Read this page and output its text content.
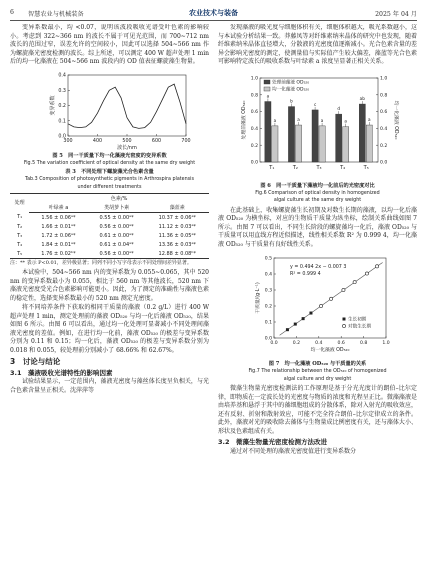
6 智慧农业与机械装备	农业技术与装备	2025 年 04 月

变异系数最小，均 <0.07，说明该波段吸收光谱受叶色素的影响较小。考虑到 322~366 nm 的波长不属于可见光范围，而 700~712 nm 波长的范围过窄，误差允许的空间较小，因此可以选择 504~566 nm 作为螺旋藻光密度检测的波长。综上所述，可以测定 400 W 超声处理 1 min 后的均一化藻液在 504~566 nm 波段内的 OD 值表征螺旋藻生物量。

300	400	500	600	700
0.0
0.1
0.2
0.3
0.4
波长/nm
变异系数
图 5　同一干质量下均一化藻液光密度的变异系数
Fig.5 The variation coefficient of optical density at the same dry weight
表 3　不同处理下螺旋藻光合色素含量
Tab.3 Composition of photosynthetic pigments in Arthrospira platensis
under different treatments
处理	色素/%		
	叶绿素 a	类胡萝卜素	藻蓝素
T₁	1.56 ± 0.06ᵃ*	0.55 ± 0.00ᵃ*	10.37 ± 0.06ᵃ*
T₂	1.66 ± 0.01ᵃ*	0.56 ± 0.00ᵃ*	11.12 ± 0.03ᵃ*
T₃	1.72 ± 0.06ᵃ*	0.61 ± 0.00ᵃ*	11.36 ± 0.05ᵃ*
T₄	1.84 ± 0.01ᵃ*	0.61 ± 0.04ᵃ*	13.36 ± 0.03ᵃ*
T₅	1.76 ± 0.02ᵇ*	0.56 ± 0.00ᵃ*	12.88 ± 0.08ᵇ*
注：** 表示 P<0.01，差异极显著；同列不同小写字母表示不同处理间差异显著。

本试验中，504~566 nm 内的变异系数为 0.055~0.065，其中 520 nm 的变异系数最小为 0.055，相比于 560 nm 等其他波长，520 nm 下藻液光密度受光合色素影响可能更小。因此，为了测定的准确性与藻液色素的稳定性，选择变异系数最小的 520 nm 测定光密度。

将不同培养条件下获取的相同干质量的藻液（0.2 g/L）进行 400 W 超声处理 1 min，测定处理前的藻液 OD₅₂₀ 与均一化后藻液 OD₅₂₀，结果如图 6 所示。由图 6 可以看出，通过均一化处理可显著减小不同处理间藻液光密度的差值。例如，在进行均一化前，藻液 OD₅₂₀ 的极差与变异系数分别为 0.11 和 0.15；均一化后，藻液 OD₅₂₀ 的极差与变异系数分别为 0.018 和 0.055，较处理前分别减小了 68.66% 和 62.67%。

3　讨论与结论
3.1　藻液吸收光谱特性的影响因素

试验结果显示，一定范围内，藻液光密度与藻丝体长度呈负相关，与光合色素含量呈正相关。沈萍萍等

发现藻液的吸光度与细胞体积有关，细胞体积越大，吸光系数越小，这与本试验分析结果一致。莽藤凤等对纤维素纳米晶体的研究中也发现，随着纤维素纳米晶体直径增大，分散液的光密度值逐渐减小。光合色素含量的差异会影响光密度的测定，使测量值与实际值产生较大偏差，藻蓝等光合色素可影响特定波长的吸收系数与叶绿素 a 浓度呈显著正相关关系。

0.0	0.0
0.2	0.2
0.4	0.4
0.6	0.6
0.8	0.8
1.0	1.0
a
a
T₁
b
a
T₂
c
a
T₃
d
a
T₄
ab
a
T₅
处理前藻液 OD₅₂₀
均一化藻液 OD₅₂₀
处理前藻液 OD₅₂₀	均一化藻液 OD₅₂₀
图 6　同一干质量下藻液均一化前后的光密度对比
Fig.6 Comparison of optical density in homogenized
algal culture at the same dry weight

在此基础上，收集螺旋藻生长初期及对数生长期的藻液，以均一化后藻液 OD₅₂₀ 为横坐标，对应的生物质干质量为纵坐标，绘制关系曲线如图 7 所示。由图 7 可以看出，不同生长阶段的螺旋藻均一化后，藻液 OD₅₂₀ 与干质量可以用直线方程近似描述，线性相关系数 R² 为 0.999 4，均一化藻液 OD₅₂₀ 与干质量有良好线性关系。

0.0	0.2	0.4	0.6	0.8	1.0
0.0
0.1
0.2
0.3
0.4
0.5
y = 0.494 2x − 0.007 3
R² = 0.999 4
生长初期
对数生长期
均一化藻液 OD₅₂₀
干质量/(g·L⁻¹)
图 7　均一化藻液 OD₅₂₀ 与干质量的关系
Fig.7 The relationship between the OD₅₂₀ of homogenized
algal culture and dry weight

微藻生物量光密度检测法的工作原理是基于分光光度计的朗伯–比尔定律，即物质在一定波长处的光密度与物质的浓度和光程呈正比。微藻藻液是由培养基和悬浮于其中的藻细胞组成的分散体系，除对入射光的吸收效应，还有反射、折射和散射效应，可能不完全符合朗伯–比尔定律成立的条件。此外，藻液对光的吸收除去藻体与生物量成比例密度有关，还与藻体大小、形状及色素组成有关。

3.2　微藻生物量光密度检测方法改进

通过对不同处理的藻液光密度值进行变异系数分
